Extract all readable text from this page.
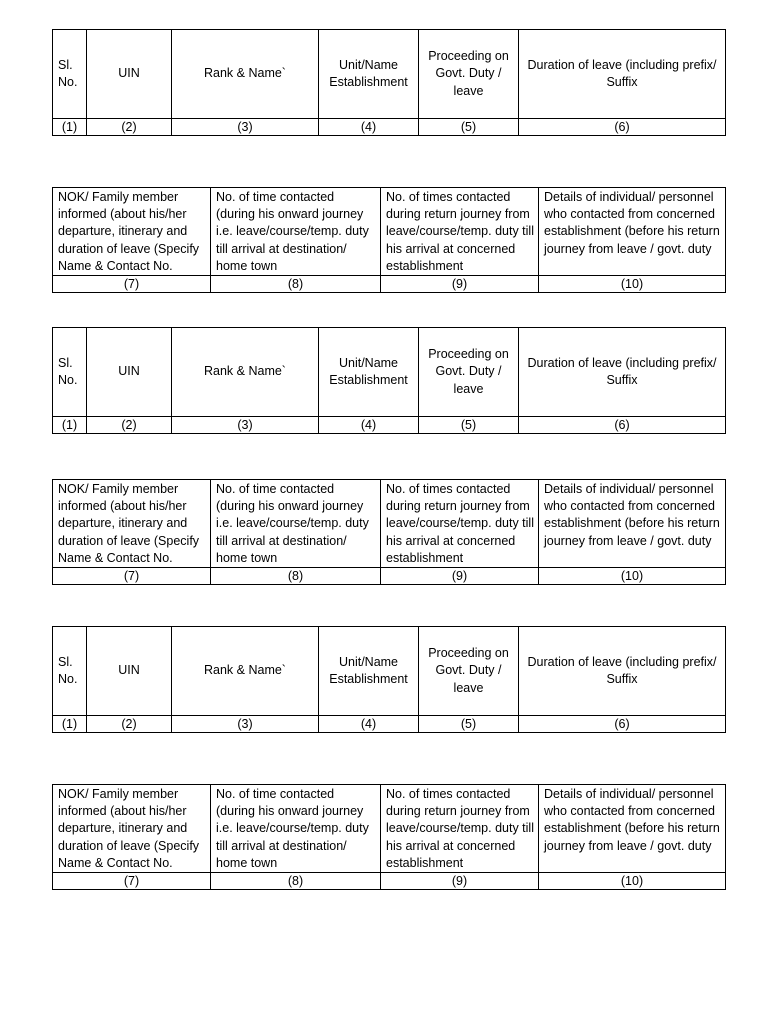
Sl. No.	UIN	Rank & Name`	Unit/Name Establishment	Proceeding on Govt. Duty / leave	Duration of leave (including prefix/ Suffix
(1)	(2)	(3)	(4)	(5)	(6)
NOK/ Family member informed (about his/her departure, itinerary and duration of leave (Specify Name & Contact No.	No. of time contacted (during his onward journey i.e. leave/course/temp. duty till arrival at destination/ home town	No. of times contacted during return journey from leave/course/temp. duty till his arrival at concerned establishment	Details of individual/ personnel who contacted from concerned establishment (before his return journey from leave / govt. duty
(7)	(8)	(9)	(10)
Sl. No.	UIN	Rank & Name`	Unit/Name Establishment	Proceeding on Govt. Duty / leave	Duration of leave (including prefix/ Suffix
(1)	(2)	(3)	(4)	(5)	(6)
NOK/ Family member informed (about his/her departure, itinerary and duration of leave (Specify Name & Contact No.	No. of time contacted (during his onward journey i.e. leave/course/temp. duty till arrival at destination/ home town	No. of times contacted during return journey from leave/course/temp. duty till his arrival at concerned establishment	Details of individual/ personnel who contacted from concerned establishment (before his return journey from leave / govt. duty
(7)	(8)	(9)	(10)
Sl. No.	UIN	Rank & Name`	Unit/Name Establishment	Proceeding on Govt. Duty / leave	Duration of leave (including prefix/ Suffix
(1)	(2)	(3)	(4)	(5)	(6)
NOK/ Family member informed (about his/her departure, itinerary and duration of leave (Specify Name & Contact No.	No. of time contacted (during his onward journey i.e. leave/course/temp. duty till arrival at destination/ home town	No. of times contacted during return journey from leave/course/temp. duty till his arrival at concerned establishment	Details of individual/ personnel who contacted from concerned establishment (before his return journey from leave / govt. duty
(7)	(8)	(9)	(10)
